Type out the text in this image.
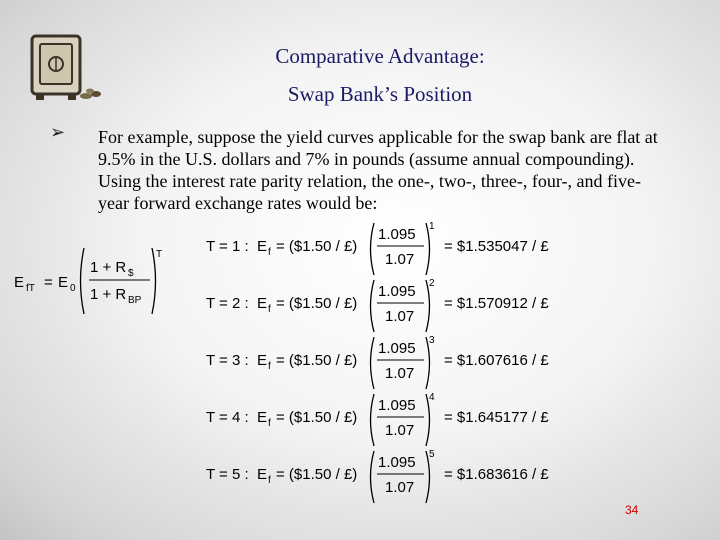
Comparative Advantage:
Swap Bank’s Position
➢ For example, suppose the yield curves applicable for the swap bank are flat at 9.5% in the U.S. dollars and 7% in pounds (assume annual compounding). Using the interest rate parity relation, the one-, two-, three-, four-, and five-year forward exchange rates would be:
E fT = E 0
1 + R $
1 + R BP
T	T = 1 : E f = ($1.50 / £)
1.095
1.07
1
= $1.535047 / £
T = 2 : E f = ($1.50 / £)
1.095
1.07
2
= $1.570912 / £
T = 3 : E f = ($1.50 / £)
1.095
1.07
3
= $1.607616 / £
T = 4 : E f = ($1.50 / £)
1.095
1.07
4
= $1.645177 / £
T = 5 : E f = ($1.50 / £)
1.095
1.07
5
= $1.683616 / £
34
